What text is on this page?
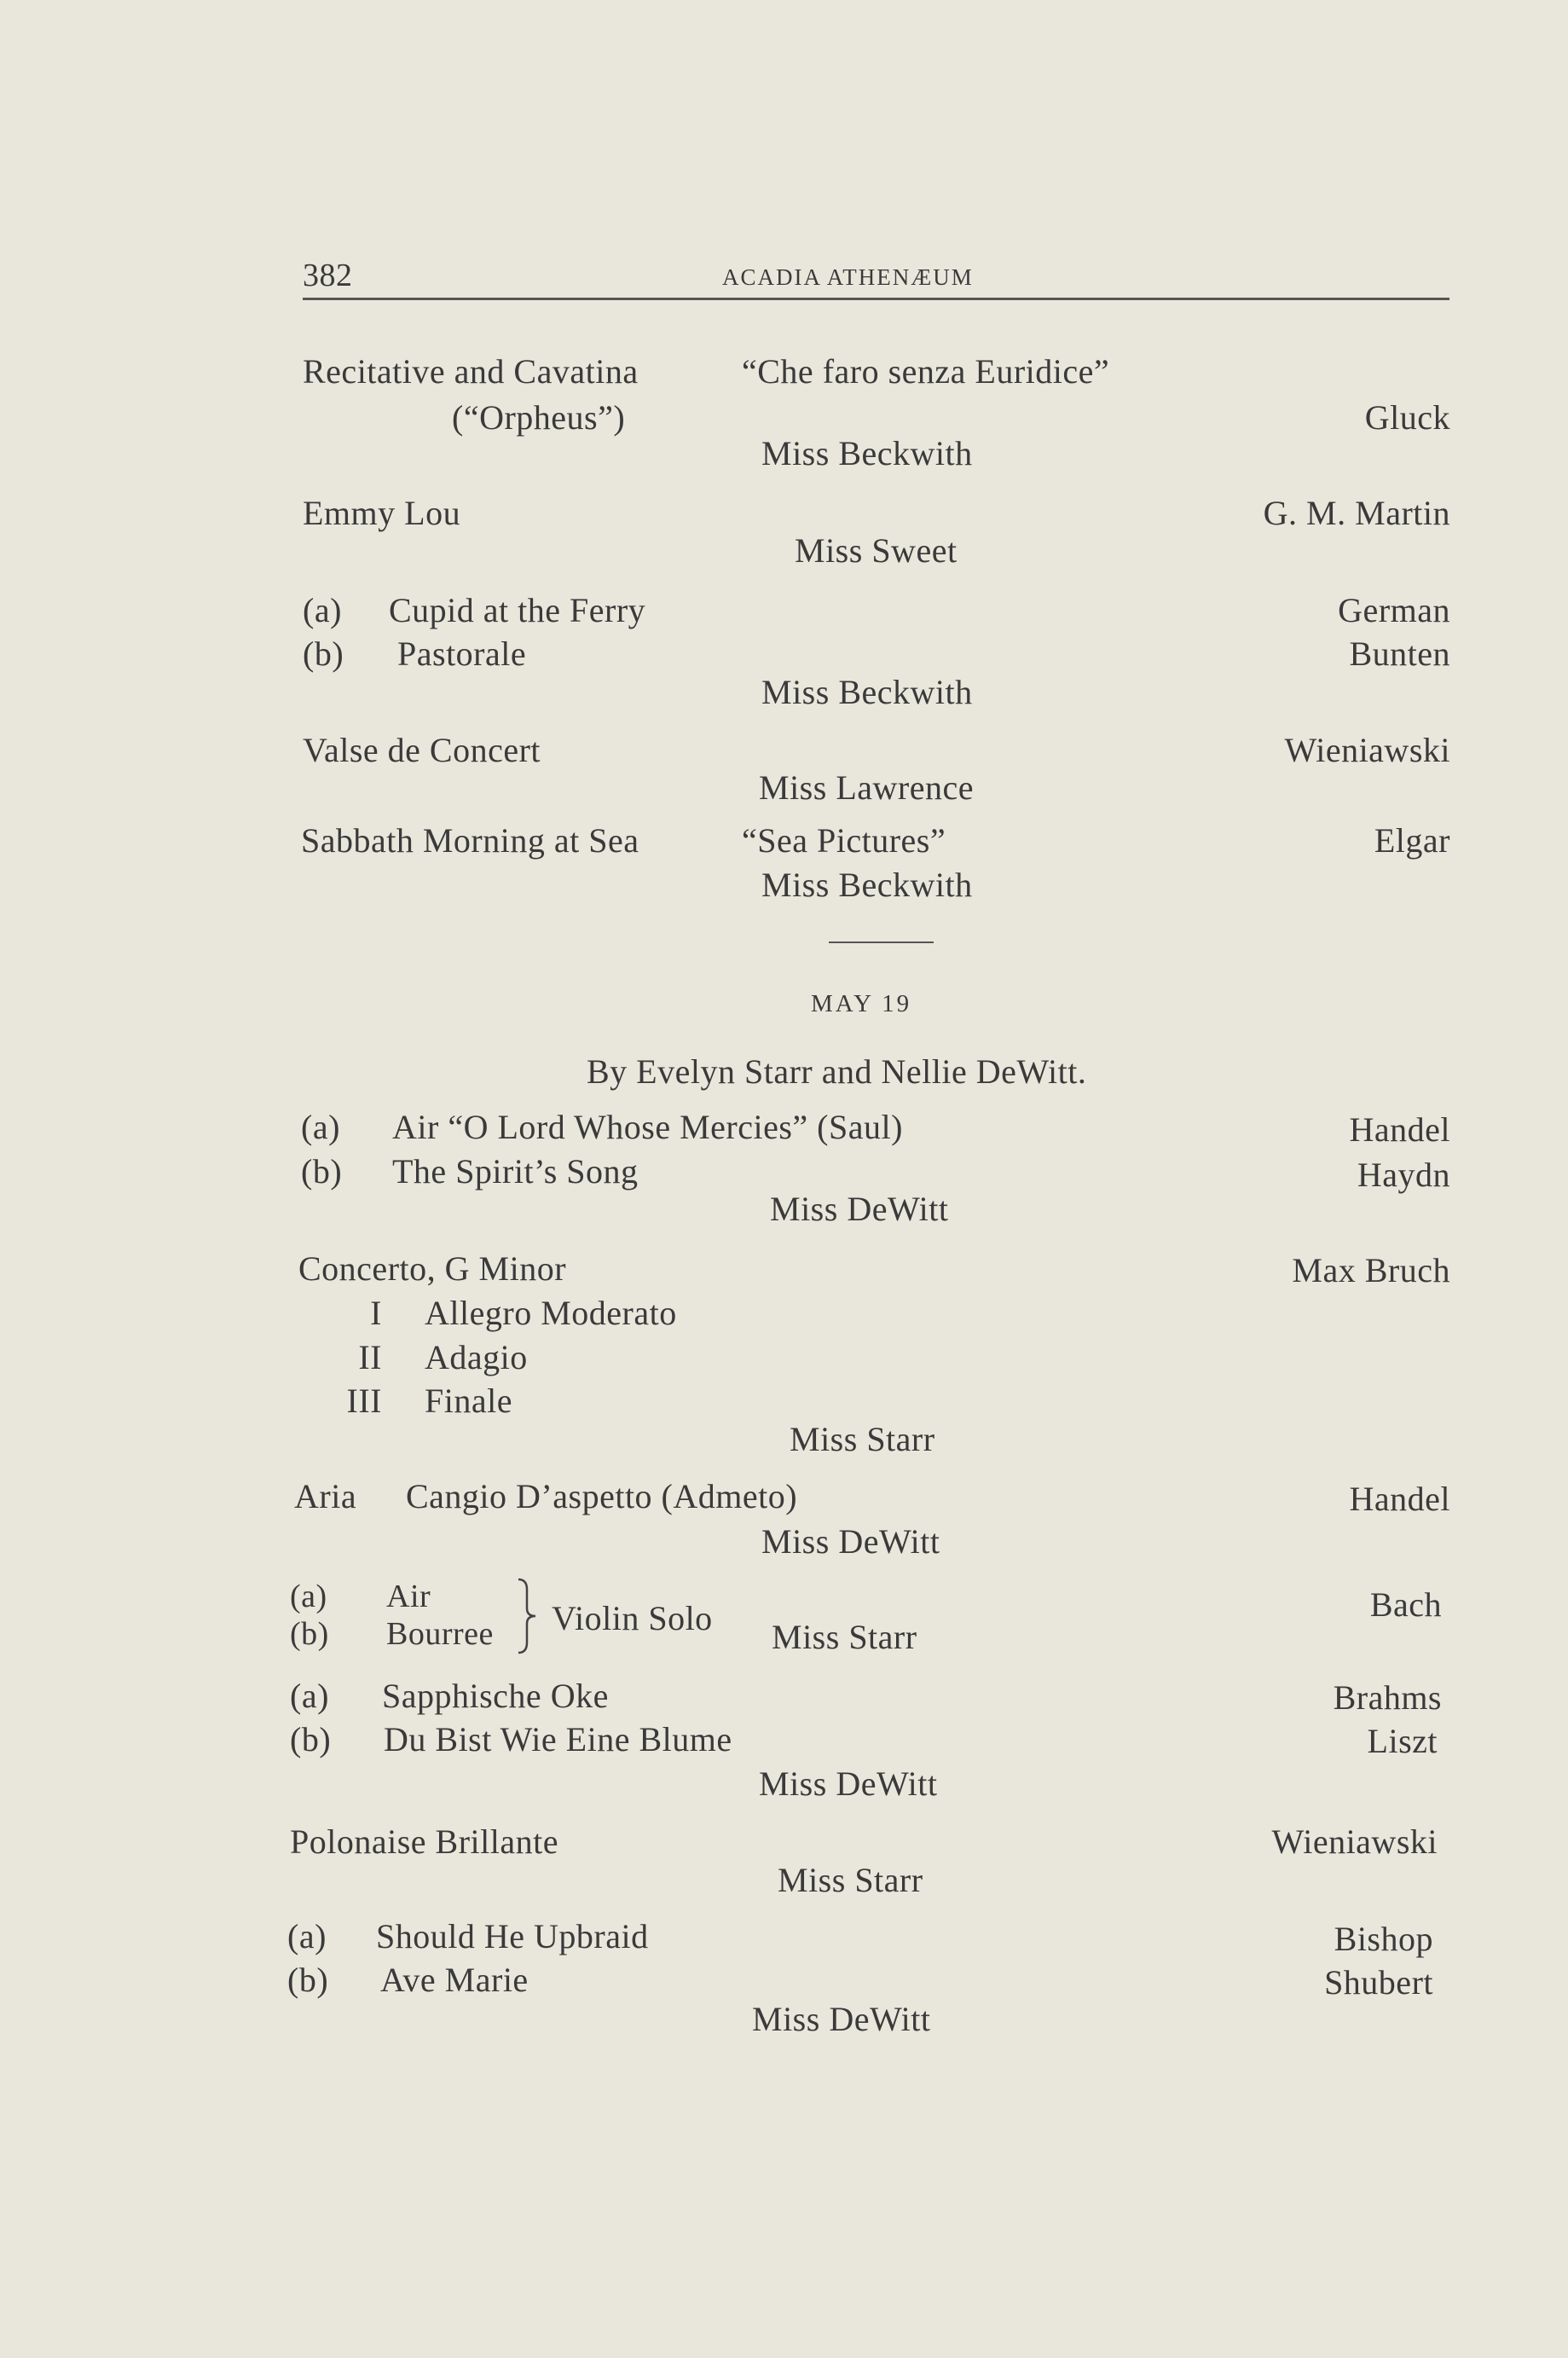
382	ACADIA ATHENÆUM
Recitative and Cavatina	“Che faro senza Euridice”
(“Orpheus”)	Gluck
Miss Beckwith
Emmy Lou	G. M. Martin
Miss Sweet
(a) Cupid at the Ferry	German
(b) Pastorale	Bunten
Miss Beckwith
Valse de Concert	Wieniawski
Miss Lawrence
Sabbath Morning at Sea	“Sea Pictures”	Elgar
Miss Beckwith
MAY 19
By Evelyn Starr and Nellie DeWitt.
(a) Air “O Lord Whose Mercies” (Saul)	Handel
(b) The Spirit’s Song	Haydn
Miss DeWitt
Concerto, G Minor	Max Bruch
I Allegro Moderato
II Adagio
III Finale
Miss Starr
Aria Cangio D’aspetto (Admeto)	Handel
Miss DeWitt
(a) Air
(b) Bourree Violin Solo	Bach
Miss Starr
(a) Sapphische Oke	Brahms
(b) Du Bist Wie Eine Blume	Liszt
Miss DeWitt
Polonaise Brillante	Wieniawski
Miss Starr
(a) Should He Upbraid	Bishop
(b) Ave Marie	Shubert
Miss DeWitt
